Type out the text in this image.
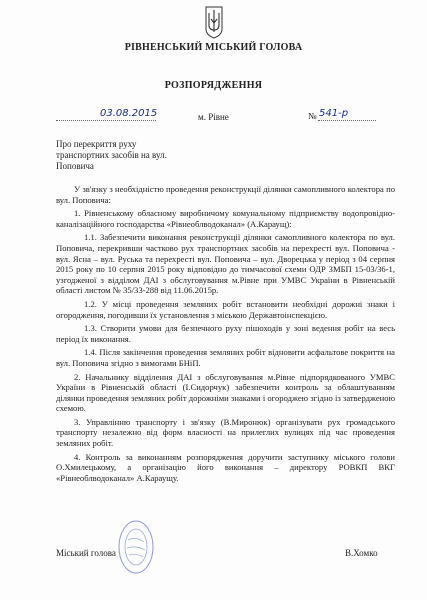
РІВНЕНСЬКИЙ МІСЬКИЙ ГОЛОВА
РОЗПОРЯДЖЕННЯ
03.08.2015	м. Рівне	№ 541-р
Про перекриття руху транспортних засобів на вул. Поповича

У зв'язку з необхідністю проведення реконструкції ділянки самопливного колектора по вул. Поповича:

1. Рівненському обласному виробничому комунальному підприємству водопровідно-каналізаційного господарства «Рівнеоблводоканал» (А.Караущ):

1.1. Забезпечити виконання реконструкції ділянки самопливного колектора по вул. Поповича, перекривши частково рух транспортних засобів на перехресті вул. Поповича - вул. Ясна – вул. Руська та перехресті вул. Поповича – вул. Дворецька у період з 04 серпня 2015 року по 10 серпня 2015 року відповідно до тимчасової схеми ОДР ЗМБП 15-03/36-1, узгодженої з відділом ДАІ з обслуговування м.Рівне при УМВС України в Рівненській області листом № 35/33-288 від 11.06.2015р.

1.2. У місці проведення земляних робіт встановити необхідні дорожні знаки і огородження, погодивши їх установлення з міською Державтоінспекцією.

1.3. Створити умови для безпечного руху пішоходів у зоні ведення робіт на весь період їх виконання.

1.4. Після закінчення проведення земляних робіт відновити асфальтове покриття на вул. Поповича згідно з вимогами БНіП.

2. Начальнику відділення ДАІ з обслуговування м.Рівне підпорядкованого УМВС України в Рівненській області (І.Сидорчук) забезпечити контроль за облаштуванням ділянки проведення земляних робіт дорожніми знаками і огороджею згідно із затвердженою схемою.

3. Управлінню транспорту і зв'язку (В.Миронюк) організувати рух громадського транспорту незалежно від форм власності на прилеглих вулицях під час проведення земляних робіт.

4. Контроль за виконанням розпорядження доручити заступнику міського голови О.Хмилецькому, а організацію його виконання – директору РОВКП ВКГ «Рівнеоблводоканал» А.Караущу.

Міський голова	В.Хомко
